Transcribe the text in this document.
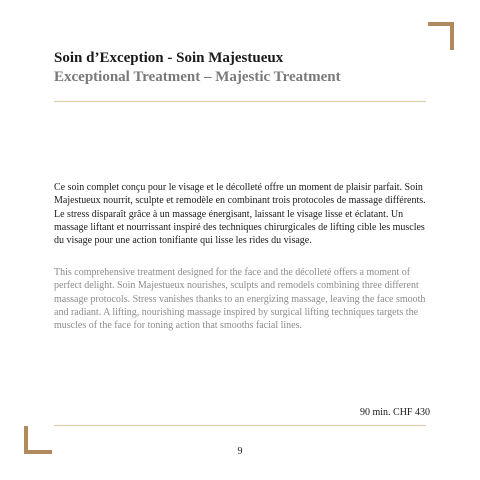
Soin d’Exception - Soin Majestueux
Exceptional Treatment – Majestic Treatment

Ce soin complet conçu pour le visage et le décolleté offre un moment de plaisir parfait. Soin Majestueux nourrit, sculpte et remodèle en combinant trois protocoles de massage différents. Le stress disparaît grâce à un massage énergisant, laissant le visage lisse et éclatant. Un massage liftant et nourrissant inspiré des techniques chirurgicales de lifting cible les muscles du visage pour une action tonifiante qui lisse les rides du visage.

This comprehensive treatment designed for the face and the décolleté offers a moment of perfect delight. Soin Majestueux nourishes, sculpts and remodels combining three different massage protocols. Stress vanishes thanks to an energizing massage, leaving the face smooth and radiant. A lifting, nourishing massage inspired by surgical lifting techniques targets the muscles of the face for toning action that smooths facial lines.

90 min. CHF 430

9
